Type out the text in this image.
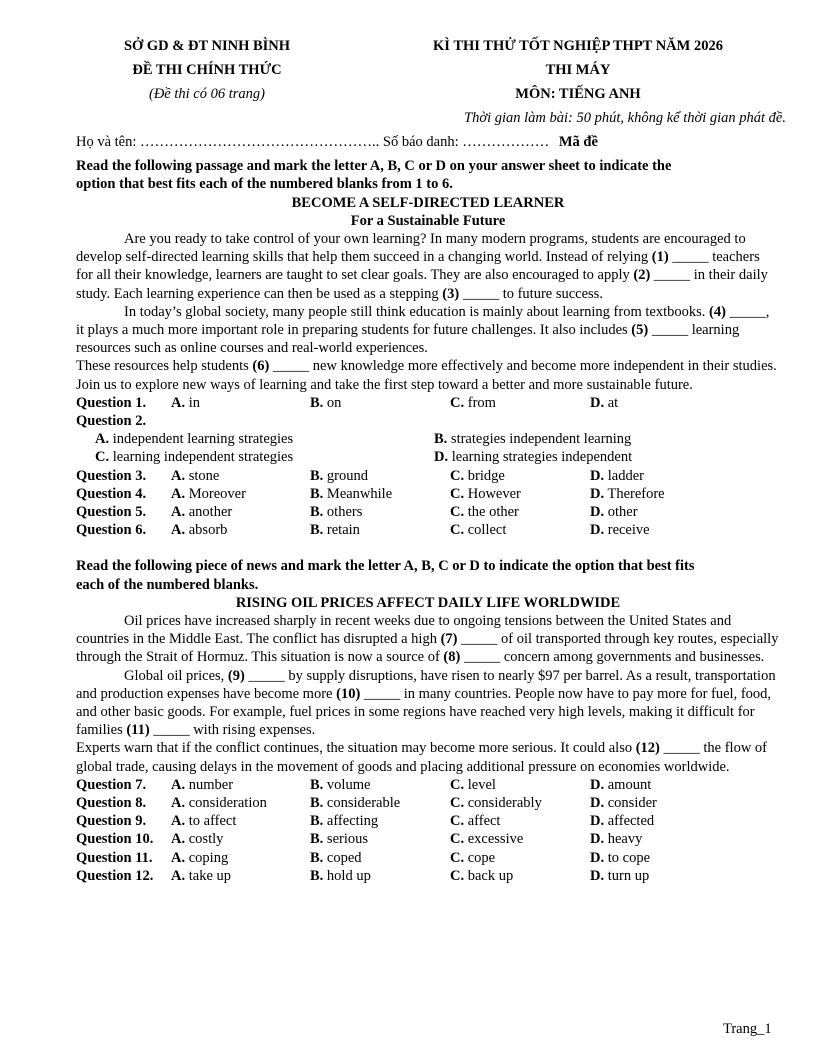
SỞ GD & ĐT NINH BÌNH
ĐỀ THI CHÍNH THỨC
(Đề thi có 06 trang)
KÌ THI THỬ TỐT NGHIỆP THPT NĂM 2026
THI MÁY
MÔN: TIẾNG ANH
Thời gian làm bài: 50 phút, không kể thời gian phát đề.
Họ và tên: ………………………………………….. Số báo danh: ……………… Mã đề
Read the following passage and mark the letter A, B, C or D on your answer sheet to indicate the
option that best fits each of the numbered blanks from 1 to 6.
BECOME A SELF-DIRECTED LEARNER
For a Sustainable Future
Are you ready to take control of your own learning? In many modern programs, students are encouraged to develop self-directed learning skills that help them succeed in a changing world. Instead of relying (1) _____ teachers for all their knowledge, learners are taught to set clear goals. They are also encouraged to apply (2) _____ in their daily study. Each learning experience can then be used as a stepping (3) _____ to future success.
In today’s global society, many people still think education is mainly about learning from textbooks. (4) _____, it plays a much more important role in preparing students for future challenges. It also includes (5) _____ learning resources such as online courses and real-world experiences.
These resources help students (6) _____ new knowledge more effectively and become more independent in their studies.
Join us to explore new ways of learning and take the first step toward a better and more sustainable future.
Question 1. A. in	B. on	C. from	D. at
Question 2.
A. independent learning strategies	B. strategies independent learning
C. learning independent strategies	D. learning strategies independent
Question 3. A. stone	B. ground	C. bridge	D. ladder
Question 4. A. Moreover	B. Meanwhile	C. However	D. Therefore
Question 5. A. another	B. others	C. the other	D. other
Question 6. A. absorb	B. retain	C. collect	D. receive
Read the following piece of news and mark the letter A, B, C or D to indicate the option that best fits
each of the numbered blanks.
RISING OIL PRICES AFFECT DAILY LIFE WORLDWIDE
Oil prices have increased sharply in recent weeks due to ongoing tensions between the United States and countries in the Middle East. The conflict has disrupted a high (7) _____ of oil transported through key routes, especially through the Strait of Hormuz. This situation is now a source of (8) _____ concern among governments and businesses.
Global oil prices, (9) _____ by supply disruptions, have risen to nearly $97 per barrel. As a result, transportation and production expenses have become more (10) _____ in many countries. People now have to pay more for fuel, food, and other basic goods. For example, fuel prices in some regions have reached very high levels, making it difficult for families (11) _____ with rising expenses.
Experts warn that if the conflict continues, the situation may become more serious. It could also (12) _____ the flow of global trade, causing delays in the movement of goods and placing additional pressure on economies worldwide.
Question 7. A. number	B. volume	C. level	D. amount
Question 8. A. consideration	B. considerable	C. considerably	D. consider
Question 9. A. to affect	B. affecting	C. affect	D. affected
Question 10. A. costly	B. serious	C. excessive	D. heavy
Question 11. A. coping	B. coped	C. cope	D. to cope
Question 12. A. take up	B. hold up	C. back up	D. turn up
Trang_1
